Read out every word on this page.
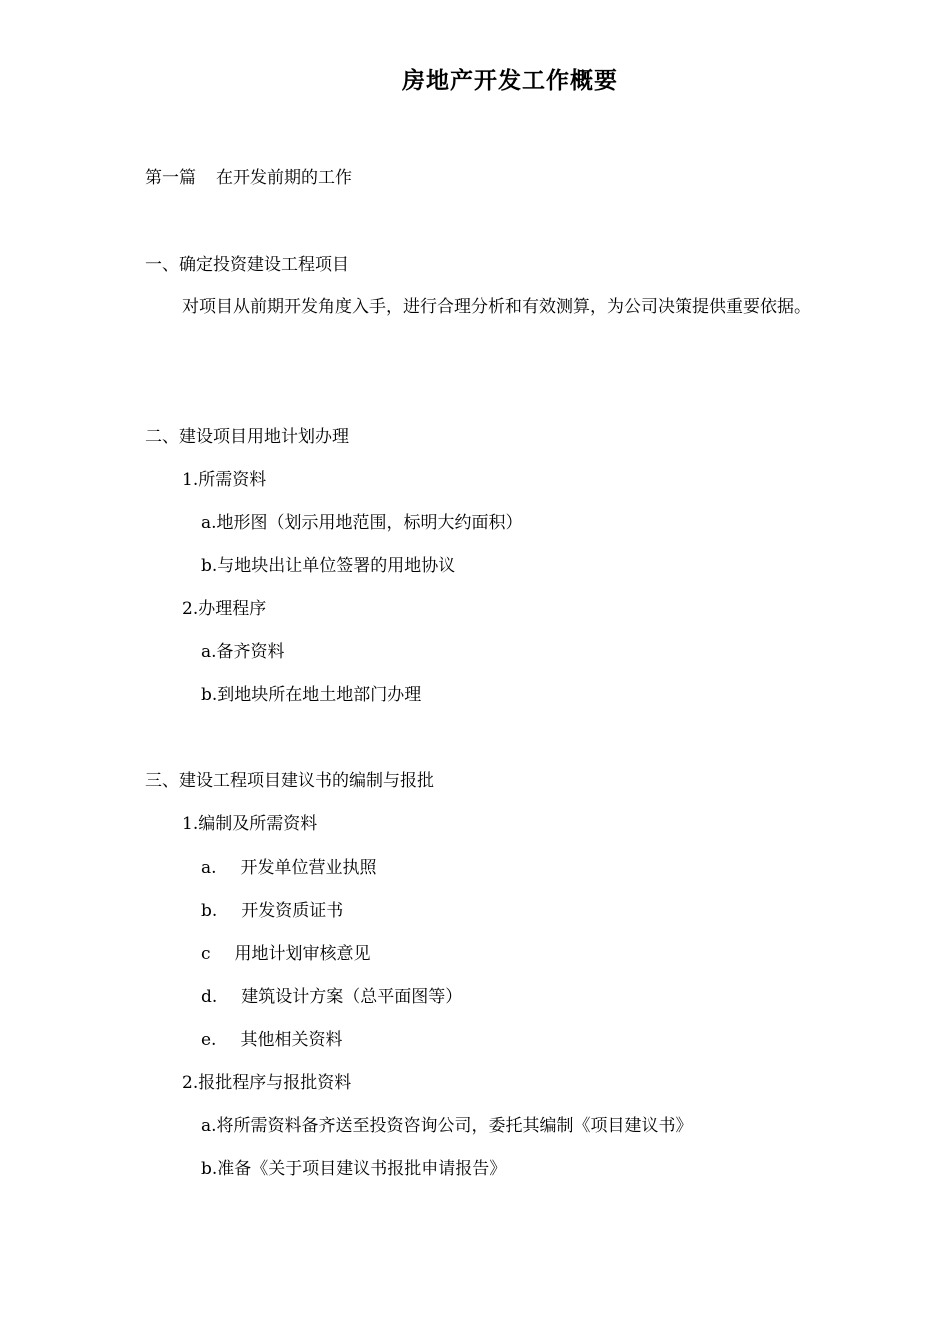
房地产开发工作概要

第一篇 在开发前期的工作

一、确定投资建设工程项目

对项目从前期开发角度入手，进行合理分析和有效测算，为公司决策提供重要依据。

二、建设项目用地计划办理

1.所需资料

a.地形图（划示用地范围，标明大约面积）

b.与地块出让单位签署的用地协议

2.办理程序

a.备齐资料

b.到地块所在地土地部门办理

三、建设工程项目建议书的编制与报批

1.编制及所需资料

a. 开发单位营业执照

b. 开发资质证书

c 用地计划审核意见

d. 建筑设计方案（总平面图等）

e. 其他相关资料

2.报批程序与报批资料

a.将所需资料备齐送至投资咨询公司，委托其编制《项目建议书》

b.准备《关于项目建议书报批申请报告》
